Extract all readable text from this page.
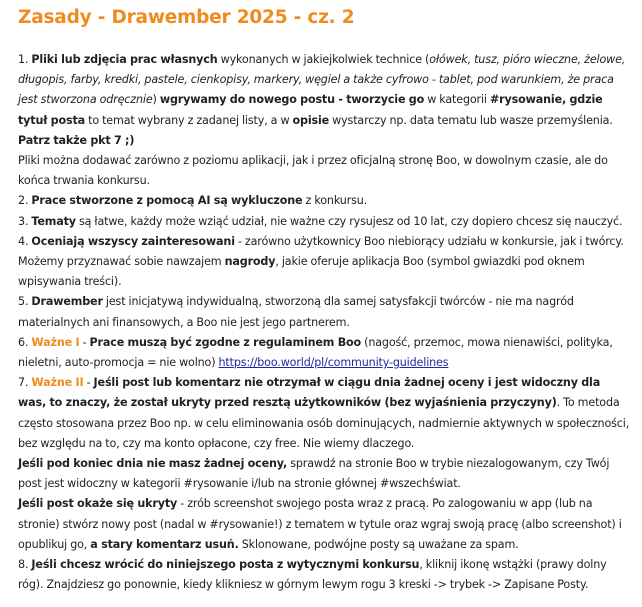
Zasady - Drawember 2025 - cz. 2

1. Pliki lub zdjęcia prac własnych wykonanych w jakiejkolwiek technice (ołówek, tusz, pióro wieczne, żelowe, długopis, farby, kredki, pastele, cienkopisy, markery, węgiel a także cyfrowo - tablet, pod warunkiem, że praca jest stworzona odręcznie) wgrywamy do nowego postu - tworzycie go w kategorii #rysowanie, gdzie tytuł posta to temat wybrany z zadanej listy, a w opisie wystarczy np. data tematu lub wasze przemyślenia. Patrz także pkt 7 ;)

Pliki można dodawać zarówno z poziomu aplikacji, jak i przez oficjalną stronę Boo, w dowolnym czasie, ale do końca trwania konkursu.

2. Prace stworzone z pomocą AI są wykluczone z konkursu.

3. Tematy są łatwe, każdy może wziąć udział, nie ważne czy rysujesz od 10 lat, czy dopiero chcesz się nauczyć.

4. Oceniają wszyscy zainteresowani - zarówno użytkownicy Boo niebiorący udziału w konkursie, jak i twórcy. Możemy przyznawać sobie nawzajem nagrody, jakie oferuje aplikacja Boo (symbol gwiazdki pod oknem wpisywania treści).

5. Drawember jest inicjatywą indywidualną, stworzoną dla samej satysfakcji twórców - nie ma nagród materialnych ani finansowych, a Boo nie jest jego partnerem.

6. Ważne I - Prace muszą być zgodne z regulaminem Boo (nagość, przemoc, mowa nienawiści, polityka, nieletni, auto-promocja = nie wolno) https://boo.world/pl/community-guidelines

7. Ważne II - Jeśli post lub komentarz nie otrzymał w ciągu dnia żadnej oceny i jest widoczny dla was, to znaczy, że został ukryty przed resztą użytkowników (bez wyjaśnienia przyczyny). To metoda często stosowana przez Boo np. w celu eliminowania osób dominujących, nadmiernie aktywnych w społeczności, bez względu na to, czy ma konto opłacone, czy free. Nie wiemy dlaczego.

Jeśli pod koniec dnia nie masz żadnej oceny, sprawdź na stronie Boo w trybie niezalogowanym, czy Twój post jest widoczny w kategorii #rysowanie i/lub na stronie głównej #wszechświat.

Jeśli post okaże się ukryty - zrób screenshot swojego posta wraz z pracą. Po zalogowaniu w app (lub na stronie) stwórz nowy post (nadal w #rysowanie!) z tematem w tytule oraz wgraj swoją pracę (albo screenshot) i opublikuj go, a stary komentarz usuń. Sklonowane, podwójne posty są uważane za spam.

8. Jeśli chcesz wrócić do niniejszego posta z wytycznymi konkursu, kliknij ikonę wstążki (prawy dolny róg). Znajdziesz go ponownie, kiedy klikniesz w górnym lewym rogu 3 kreski -> trybek -> Zapisane Posty.
